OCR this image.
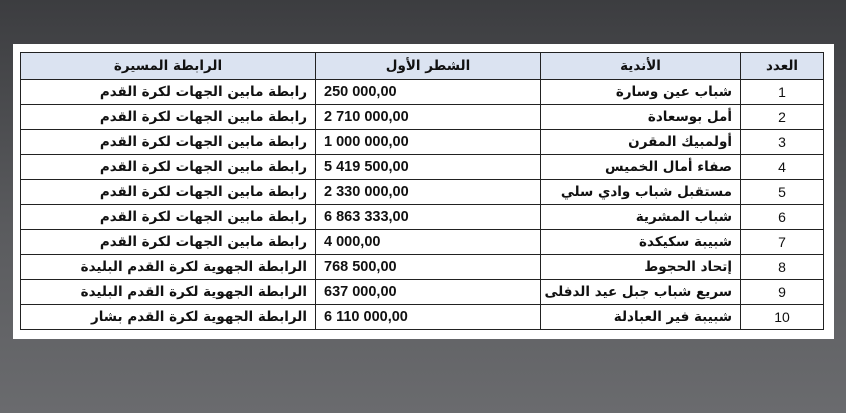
العدد	الأندية	الشطر الأول	الرابطة المسيرة
1	شباب عين وسارة	250 000,00	رابطة مابين الجهات لكرة القدم
2	أمل بوسعادة	2 710 000,00	رابطة مابين الجهات لكرة القدم
3	أولمبيك المقرن	1 000 000,00	رابطة مابين الجهات لكرة القدم
4	صفاء أمال الخميس	5 419 500,00	رابطة مابين الجهات لكرة القدم
5	مستقبل شباب وادي سلي	2 330 000,00	رابطة مابين الجهات لكرة القدم
6	شباب المشرية	6 863 333,00	رابطة مابين الجهات لكرة القدم
7	شبيبة سكيكدة	4 000,00	رابطة مابين الجهات لكرة القدم
8	إتحاد الحجوط	768 500,00	الرابطة الجهوية لكرة القدم البليدة
9	سريع شباب جبل عيد الدفلى	637 000,00	الرابطة الجهوية لكرة القدم البليدة
10	شبيبة فير العبادلة	6 110 000,00	الرابطة الجهوية لكرة القدم بشار
